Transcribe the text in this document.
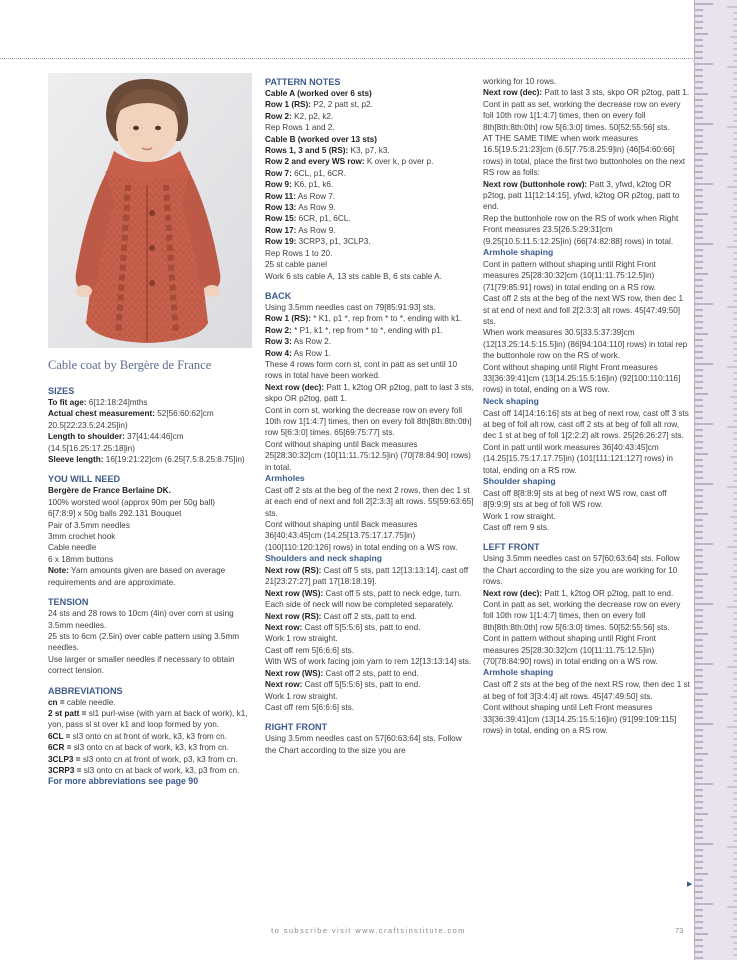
Cable coat by Bergère de France
SIZES
To fit age: 6[12:18:24]mths
Actual chest measurement: 52[56:60:62]cm 20.5[22:23.5:24.25]in)
Length to shoulder: 37[41:44:46]cm (14.5[16.25:17.25:18]in)
Sleeve length: 16[19:21:22]cm (6.25[7.5:8.25:8.75]in)
YOU WILL NEED
Bergère de France Berlaine DK.
100% worsted wool (approx 90m per 50g ball)
6[7:8:9] x 50g balls 292.131 Bouquet
Pair of 3.5mm needles
3mm crochet hook
Cable needle
6 x 18mm buttons
Note: Yarn amounts given are based on average requirements and are approximate.
TENSION
24 sts and 28 rows to 10cm (4in) over corn st using 3.5mm needles.
25 sts to 6cm (2.5in) over cable pattern using 3.5mm needles.
Use larger or smaller needles if necessary to obtain correct tension.
ABBREVIATIONS
cn = cable needle.
2 st patt = sl1 purl-wise (with yarn at back of work), k1, yon, pass sl st over k1 and loop formed by yon.
6CL = sl3 onto cn at front of work, k3, k3 from cn.
6CR = sl3 onto cn at back of work, k3, k3 from cn.
3CLP3 = sl3 onto cn at front of work, p3, k3 from cn.
3CRP3 = sl3 onto cn at back of work, k3, p3 from cn.
For more abbreviations see page 90
PATTERN NOTES
Cable A (worked over 6 sts)
Row 1 (RS): P2, 2 patt st, p2.
Row 2: K2, p2, k2.
Rep Rows 1 and 2.
Cable B (worked over 13 sts)
Rows 1, 3 and 5 (RS): K3, p7, k3.
Row 2 and every WS row: K over k, p over p.
Row 7: 6CL, p1, 6CR.
Row 9: K6, p1, k6.
Row 11: As Row 7.
Row 13: As Row 9.
Row 15: 6CR, p1, 6CL.
Row 17: As Row 9.
Row 19: 3CRP3, p1, 3CLP3.
Rep Rows 1 to 20.
25 st cable panel
Work 6 sts cable A, 13 sts cable B, 6 sts cable A.
BACK
Using 3.5mm needles cast on 79[85:91:93] sts.
Row 1 (RS): * K1, p1 *, rep from * to *, ending with k1.
Row 2: * P1, k1 *, rep from * to *, ending with p1.
Row 3: As Row 2.
Row 4: As Row 1.
These 4 rows form corn st, cont in patt as set until 10 rows in total have been worked.
Next row (dec): Patt 1, k2tog OR p2tog, patt to last 3 sts, skpo OR p2tog, patt 1.
Cont in corn st, working the decrease row on every foll 10th row 1[1:4:7] times, then on every foll 8th[8th:8th:0th] row 5[6:3:0] times. 65[69:75:77] sts.
Cont without shaping until Back measures 25[28:30:32]cm (10[11:11.75:12.5]in) (70[78:84:90] rows) in total.
Armholes
Cast off 2 sts at the beg of the next 2 rows, then dec 1 st at each end of next and foll 2[2:3:3] alt rows. 55[59:63:65] sts.
Cont without shaping until Back measures 36[40:43:45]cm (14.25[13.75:17.17.75]in) (100[110:120:126] rows) in total ending on a WS row.
Shoulders and neck shaping
Next row (RS): Cast off 5 sts, patt 12[13:13:14], cast off 21[23:27:27] patt 17[18:18:19].
Next row (WS): Cast off 5 sts, patt to neck edge, turn.
Each side of neck will now be completed separately.
Next row (RS): Cast off 2 sts, patt to end.
Next row: Cast off 5[5:5:6] sts, patt to end.
Work 1 row straight.
Cast off rem 5[6:6:6] sts.
With WS of work facing join yarn to rem 12[13:13:14] sts.
Next row (WS): Cast off 2 sts, patt to end.
Next row: Cast off 5[5:5:6] sts, patt to end.
Work 1 row straight.
Cast off rem 5[6:6:6] sts.
RIGHT FRONT
Using 3.5mm needles cast on 57[60:63:64] sts. Follow the Chart according to the size you are
working for 10 rows.
Next row (dec): Patt to last 3 sts, skpo OR p2tog, patt 1.
Cont in patt as set, working the decrease row on every foll 10th row 1[1:4:7] times, then on every foll 8th[8th:8th:0th] row 5[6:3:0] times. 50[52:55:56] sts.
AT THE SAME TIME when work measures 16.5[19.5:21:23]cm (6.5[7.75:8.25:9]in) (46[54:60:66] rows) in total, place the first two buttonholes on the next RS row as folls:
Next row (buttonhole row): Patt 3, yfwd, k2tog OR p2tog, patt 11[12:14:15], yfwd, k2tog OR p2tog, patt to end.
Rep the buttonhole row on the RS of work when Right Front measures 23.5[26.5:29:31]cm (9.25[10.5:11.5:12.25]in) (66[74:82:88] rows) in total.
Armhole shaping
Cont in pattern without shaping until Right Front measures 25[28:30:32]cm (10[11:11.75:12.5]in) (71[79:85:91] rows) in total ending on a RS row.
Cast off 2 sts at the beg of the next WS row, then dec 1 st at end of next and foll 2[2:3:3] alt rows. 45[47:49:50] sts.
When work measures 30.5[33.5:37:39]cm (12[13.25:14.5:15.5]in) (86[94:104:110] rows) in total rep the buttonhole row on the RS of work.
Cont without shaping until Right Front measures 33[36:39:41]cm (13[14.25:15.5:16]in) (92[100:110:116] rows) in total, ending on a WS row.
Neck shaping
Cast off 14[14:16:16] sts at beg of next row, cast off 3 sts at beg of foll alt row, cast off 2 sts at beg of foll alt row, dec 1 st at beg of foll 1[2:2:2] alt rows. 25[26:26:27] sts.
Cont in patt until work measures 36[40:43:45]cm (14.25[15.75:17.17.75]in) (101[111:121:127] rows) in total, ending on a RS row.
Shoulder shaping
Cast off 8[8:8:9] sts at beg of next WS row, cast off 8[9:9:9] sts at beg of foll WS row.
Work 1 row straight.
Cast off rem 9 sts.
LEFT FRONT
Using 3.5mm needles cast on 57[60:63:64] sts. Follow the Chart according to the size you are working for 10 rows.
Next row (dec): Patt 1, k2tog OR p2tog, patt to end.
Cont in patt as set, working the decrease row on every foll 10th row 1[1:4:7] times, then on every foll 8th[8th:8th:0th] row 5[6:3:0] times. 50[52:55:56] sts.
Cont in pattern without shaping until Right Front measures 25[28:30:32]cm (10[11:11.75:12.5]in) (70[78:84:90] rows) in total ending on a WS row.
Armhole shaping
Cast off 2 sts at the beg of the next RS row, then dec 1 st at beg of foll 3[3:4:4] alt rows. 45[47:49:50] sts.
Cont without shaping until Left Front measures 33[36:39:41]cm (13[14.25:15.5:16]in) (91[99:109:115] rows) in total, ending on a RS row.
▶
to subscribe visit www.craftsinstitute.com	73
